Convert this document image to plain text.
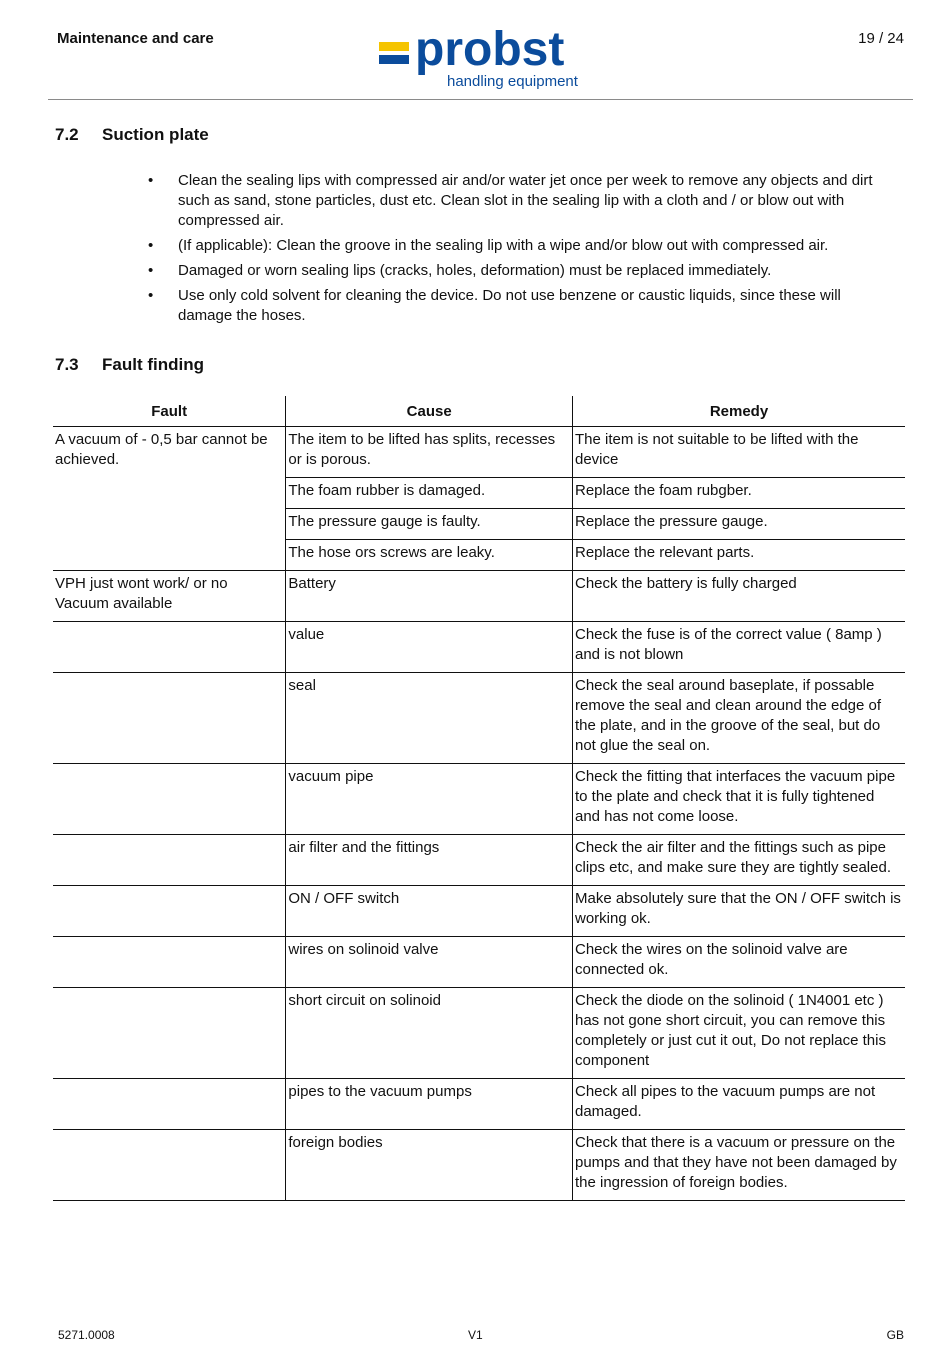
Maintenance and care	probst
handling equipment
19 / 24
7.2 Suction plate
• Clean the sealing lips with compressed air and/or water jet once per week to remove any objects and dirt such as sand, stone particles, dust etc. Clean slot in the sealing lip with a cloth and / or blow out with compressed air.
• (If applicable): Clean the groove in the sealing lip with a wipe and/or blow out with compressed air.
• Damaged or worn sealing lips (cracks, holes, deformation) must be replaced immediately.
• Use only cold solvent for cleaning the device. Do not use benzene or caustic liquids, since these will damage the hoses.
7.3 Fault finding
Fault	Cause	Remedy
A vacuum of - 0,5 bar cannot be achieved.	The item to be lifted has splits, recesses or is porous.	The item is not suitable to be lifted with the device
	The foam rubber is damaged.	Replace the foam rubgber.
	The pressure gauge is faulty.	Replace the pressure gauge.
	The hose ors screws are leaky.	Replace the relevant parts.
VPH just wont work/ or no Vacuum available	Battery	Check the battery is fully charged
	value	Check the fuse is of the correct value ( 8amp ) and is not blown
	seal	Check the seal around baseplate, if possable remove the seal and clean around the edge of the plate, and in the groove of the seal, but do not glue the seal on.
	vacuum pipe	Check the fitting that interfaces the vacuum pipe to the plate and check that it is fully tightened and has not come loose.
	air filter and the fittings	Check the air filter and the fittings such as pipe clips etc, and make sure they are tightly sealed.
	ON / OFF switch	Make absolutely sure that the ON / OFF switch is working ok.
	wires on solinoid valve	Check the wires on the solinoid valve are connected ok.
	short circuit on solinoid	Check the diode on the solinoid ( 1N4001 etc ) has not gone short circuit, you can remove this completely or just cut it out, Do not replace this component
	pipes to the vacuum pumps	Check all pipes to the vacuum pumps are not damaged.
	foreign bodies	Check that there is a vacuum or pressure on the pumps and that they have not been damaged by the ingression of foreign bodies.
5271.0008	V1	GB
